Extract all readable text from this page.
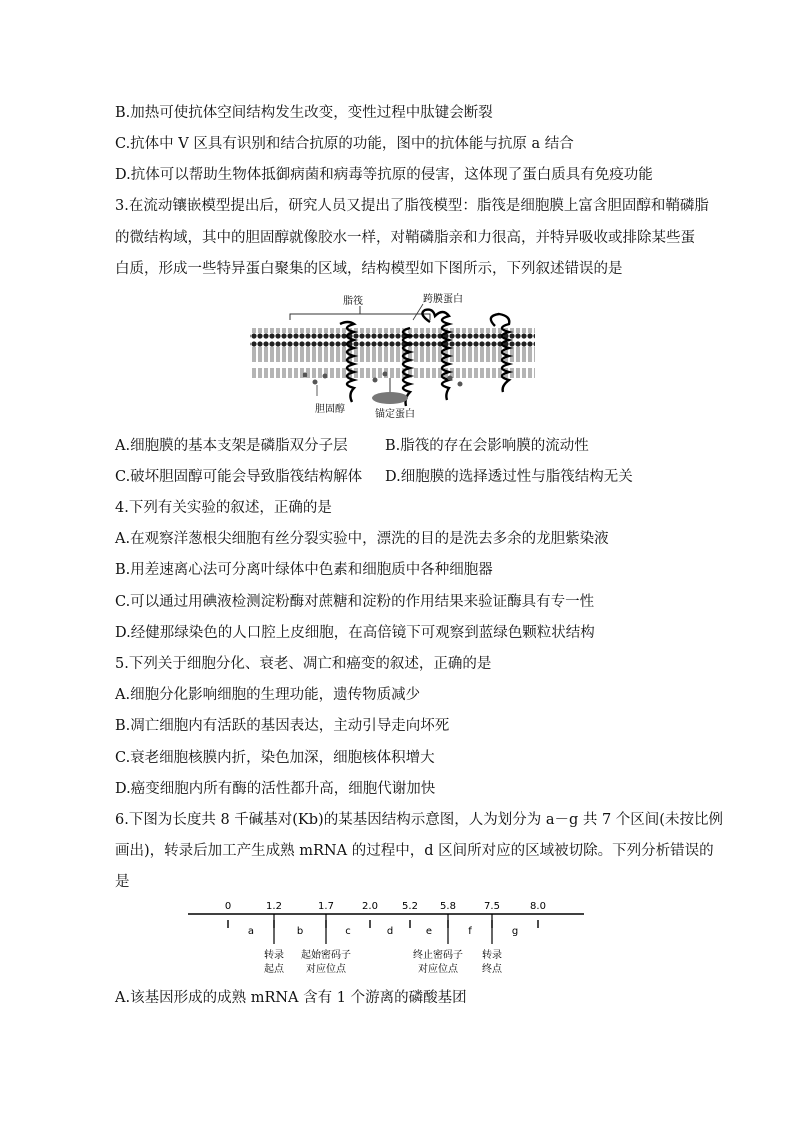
B.加热可使抗体空间结构发生改变，变性过程中肽键会断裂
C.抗体中 V 区具有识别和结合抗原的功能，图中的抗体能与抗原 a 结合
D.抗体可以帮助生物体抵御病菌和病毒等抗原的侵害，这体现了蛋白质具有免疫功能
3.在流动镶嵌模型提出后，研究人员又提出了脂筏模型：脂筏是细胞膜上富含胆固醇和鞘磷脂
的微结构域，其中的胆固醇就像胶水一样，对鞘磷脂亲和力很高，并特异吸收或排除某些蛋
白质，形成一些特异蛋白聚集的区域，结构模型如下图所示，下列叙述错误的是
脂筏	跨膜蛋白
胆固醇	锚定蛋白
A.细胞膜的基本支架是磷脂双分子层	B.脂筏的存在会影响膜的流动性
C.破坏胆固醇可能会导致脂筏结构解体 D.细胞膜的选择透过性与脂筏结构无关
4.下列有关实验的叙述，正确的是
A.在观察洋葱根尖细胞有丝分裂实验中，漂洗的目的是洗去多余的龙胆紫染液
B.用差速离心法可分离叶绿体中色素和细胞质中各种细胞器
C.可以通过用碘液检测淀粉酶对蔗糖和淀粉的作用结果来验证酶具有专一性
D.经健那绿染色的人口腔上皮细胞，在高倍镜下可观察到蓝绿色颗粒状结构
5.下列关于细胞分化、衰老、凋亡和癌变的叙述，正确的是
A.细胞分化影响细胞的生理功能，遗传物质减少
B.凋亡细胞内有活跃的基因表达，主动引导走向坏死
C.衰老细胞核膜内折，染色加深，细胞核体积增大
D.癌变细胞内所有酶的活性都升高，细胞代谢加快
6.下图为长度共 8 千碱基对(Kb)的某基因结构示意图，人为划分为 a－g 共 7 个区间(未按比例
画出)，转录后加工产生成熟 mRNA 的过程中，d 区间所对应的区域被切除。下列分析错误的
是
0	1.2	1.7	2.0 5.2 5.8	7.5	8.0
a	b	c	d	e	f	g
转录
起点
起始密码子
对应位点
终止密码子
对应位点
转录
终点
A.该基因形成的成熟 mRNA 含有 1 个游离的磷酸基团
